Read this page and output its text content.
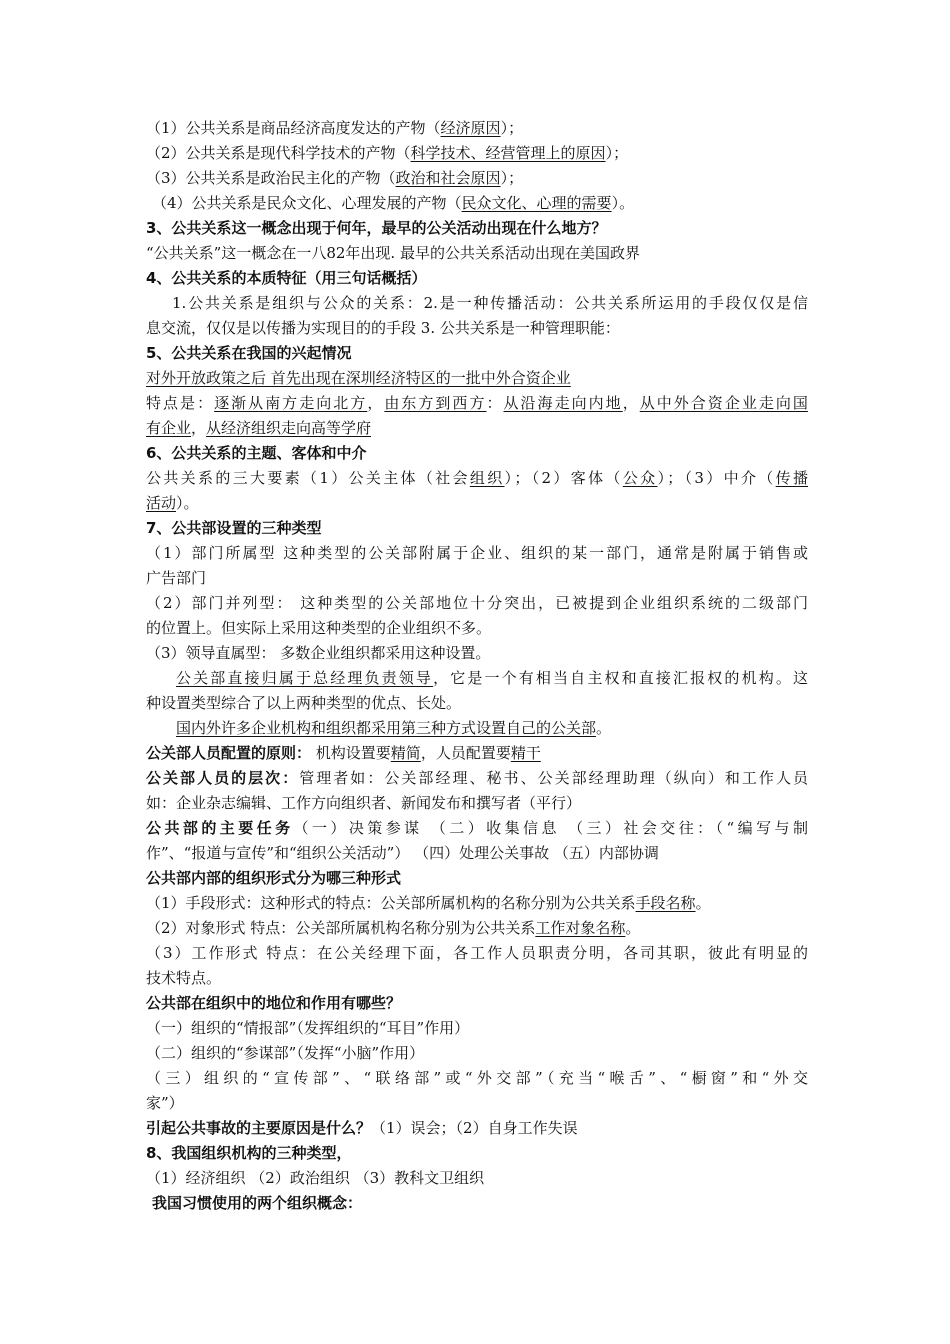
（1）公共关系是商品经济高度发达的产物（经济原因）；
（2）公共关系是现代科学技术的产物（科学技术、经营管理上的原因）；
（3）公共关系是政治民主化的产物（政治和社会原因）；
（4）公共关系是民众文化、心理发展的产物（民众文化、心理的需要）。
3、公共关系这一概念出现于何年，最早的公关活动出现在什么地方？
“公共关系”这一概念在一八82年出现. 最早的公共关系活动出现在美国政界
4、公共关系的本质特征（用三句话概括）
1.公共关系是组织与公众的关系：2.是一种传播活动：公共关系所运用的手段仅仅是信
息交流，仅仅是以传播为实现目的的手段 3. 公共关系是一种管理职能：
5、公共关系在我国的兴起情况
对外开放政策之后 首先出现在深圳经济特区的一批中外合资企业
特点是：逐渐从南方走向北方，由东方到西方：从沿海走向内地，从中外合资企业走向国
有企业，从经济组织走向高等学府
6、公共关系的主题、客体和中介
公共关系的三大要素（1）公关主体（社会组织）；（2）客体（公众）；（3）中介（传播
活动）。
7、公共部设置的三种类型
（1）部门所属型 这种类型的公关部附属于企业、组织的某一部门，通常是附属于销售或
广告部门
（2）部门并列型： 这种类型的公关部地位十分突出，已被提到企业组织系统的二级部门
的位置上。但实际上采用这种类型的企业组织不多。
（3）领导直属型： 多数企业组织都采用这种设置。
公关部直接归属于总经理负责领导，它是一个有相当自主权和直接汇报权的机构。这
种设置类型综合了以上两种类型的优点、长处。
国内外许多企业机构和组织都采用第三种方式设置自己的公关部。
公关部人员配置的原则： 机构设置要精简，人员配置要精干
公关部人员的层次：管理者如：公关部经理、秘书、公关部经理助理（纵向）和工作人员
如：企业杂志编辑、工作方向组织者、新闻发布和撰写者（平行）
公共部的主要任务（一）决策参谋 （二）收集信息 （三）社会交往：（“编写与制
作”、“报道与宣传”和“组织公关活动”） （四）处理公关事故 （五）内部协调
公共部内部的组织形式分为哪三种形式
（1）手段形式：这种形式的特点：公关部所属机构的名称分别为公共关系手段名称。
（2）对象形式 特点：公关部所属机构名称分别为公共关系工作对象名称。
（3）工作形式 特点：在公关经理下面，各工作人员职责分明，各司其职，彼此有明显的
技术特点。
公共部在组织中的地位和作用有哪些？
（一）组织的“情报部”（发挥组织的“耳目”作用）
（二）组织的“参谋部”（发挥“小脑”作用）
（三）组织的“宣传部”、“联络部”或“外交部”（充当“喉舌”、“橱窗”和“外交
家”）
引起公共事故的主要原因是什么？（1）误会；（2）自身工作失误
8、我国组织机构的三种类型，
（1）经济组织 （2）政治组织 （3）教科文卫组织
我国习惯使用的两个组织概念：
